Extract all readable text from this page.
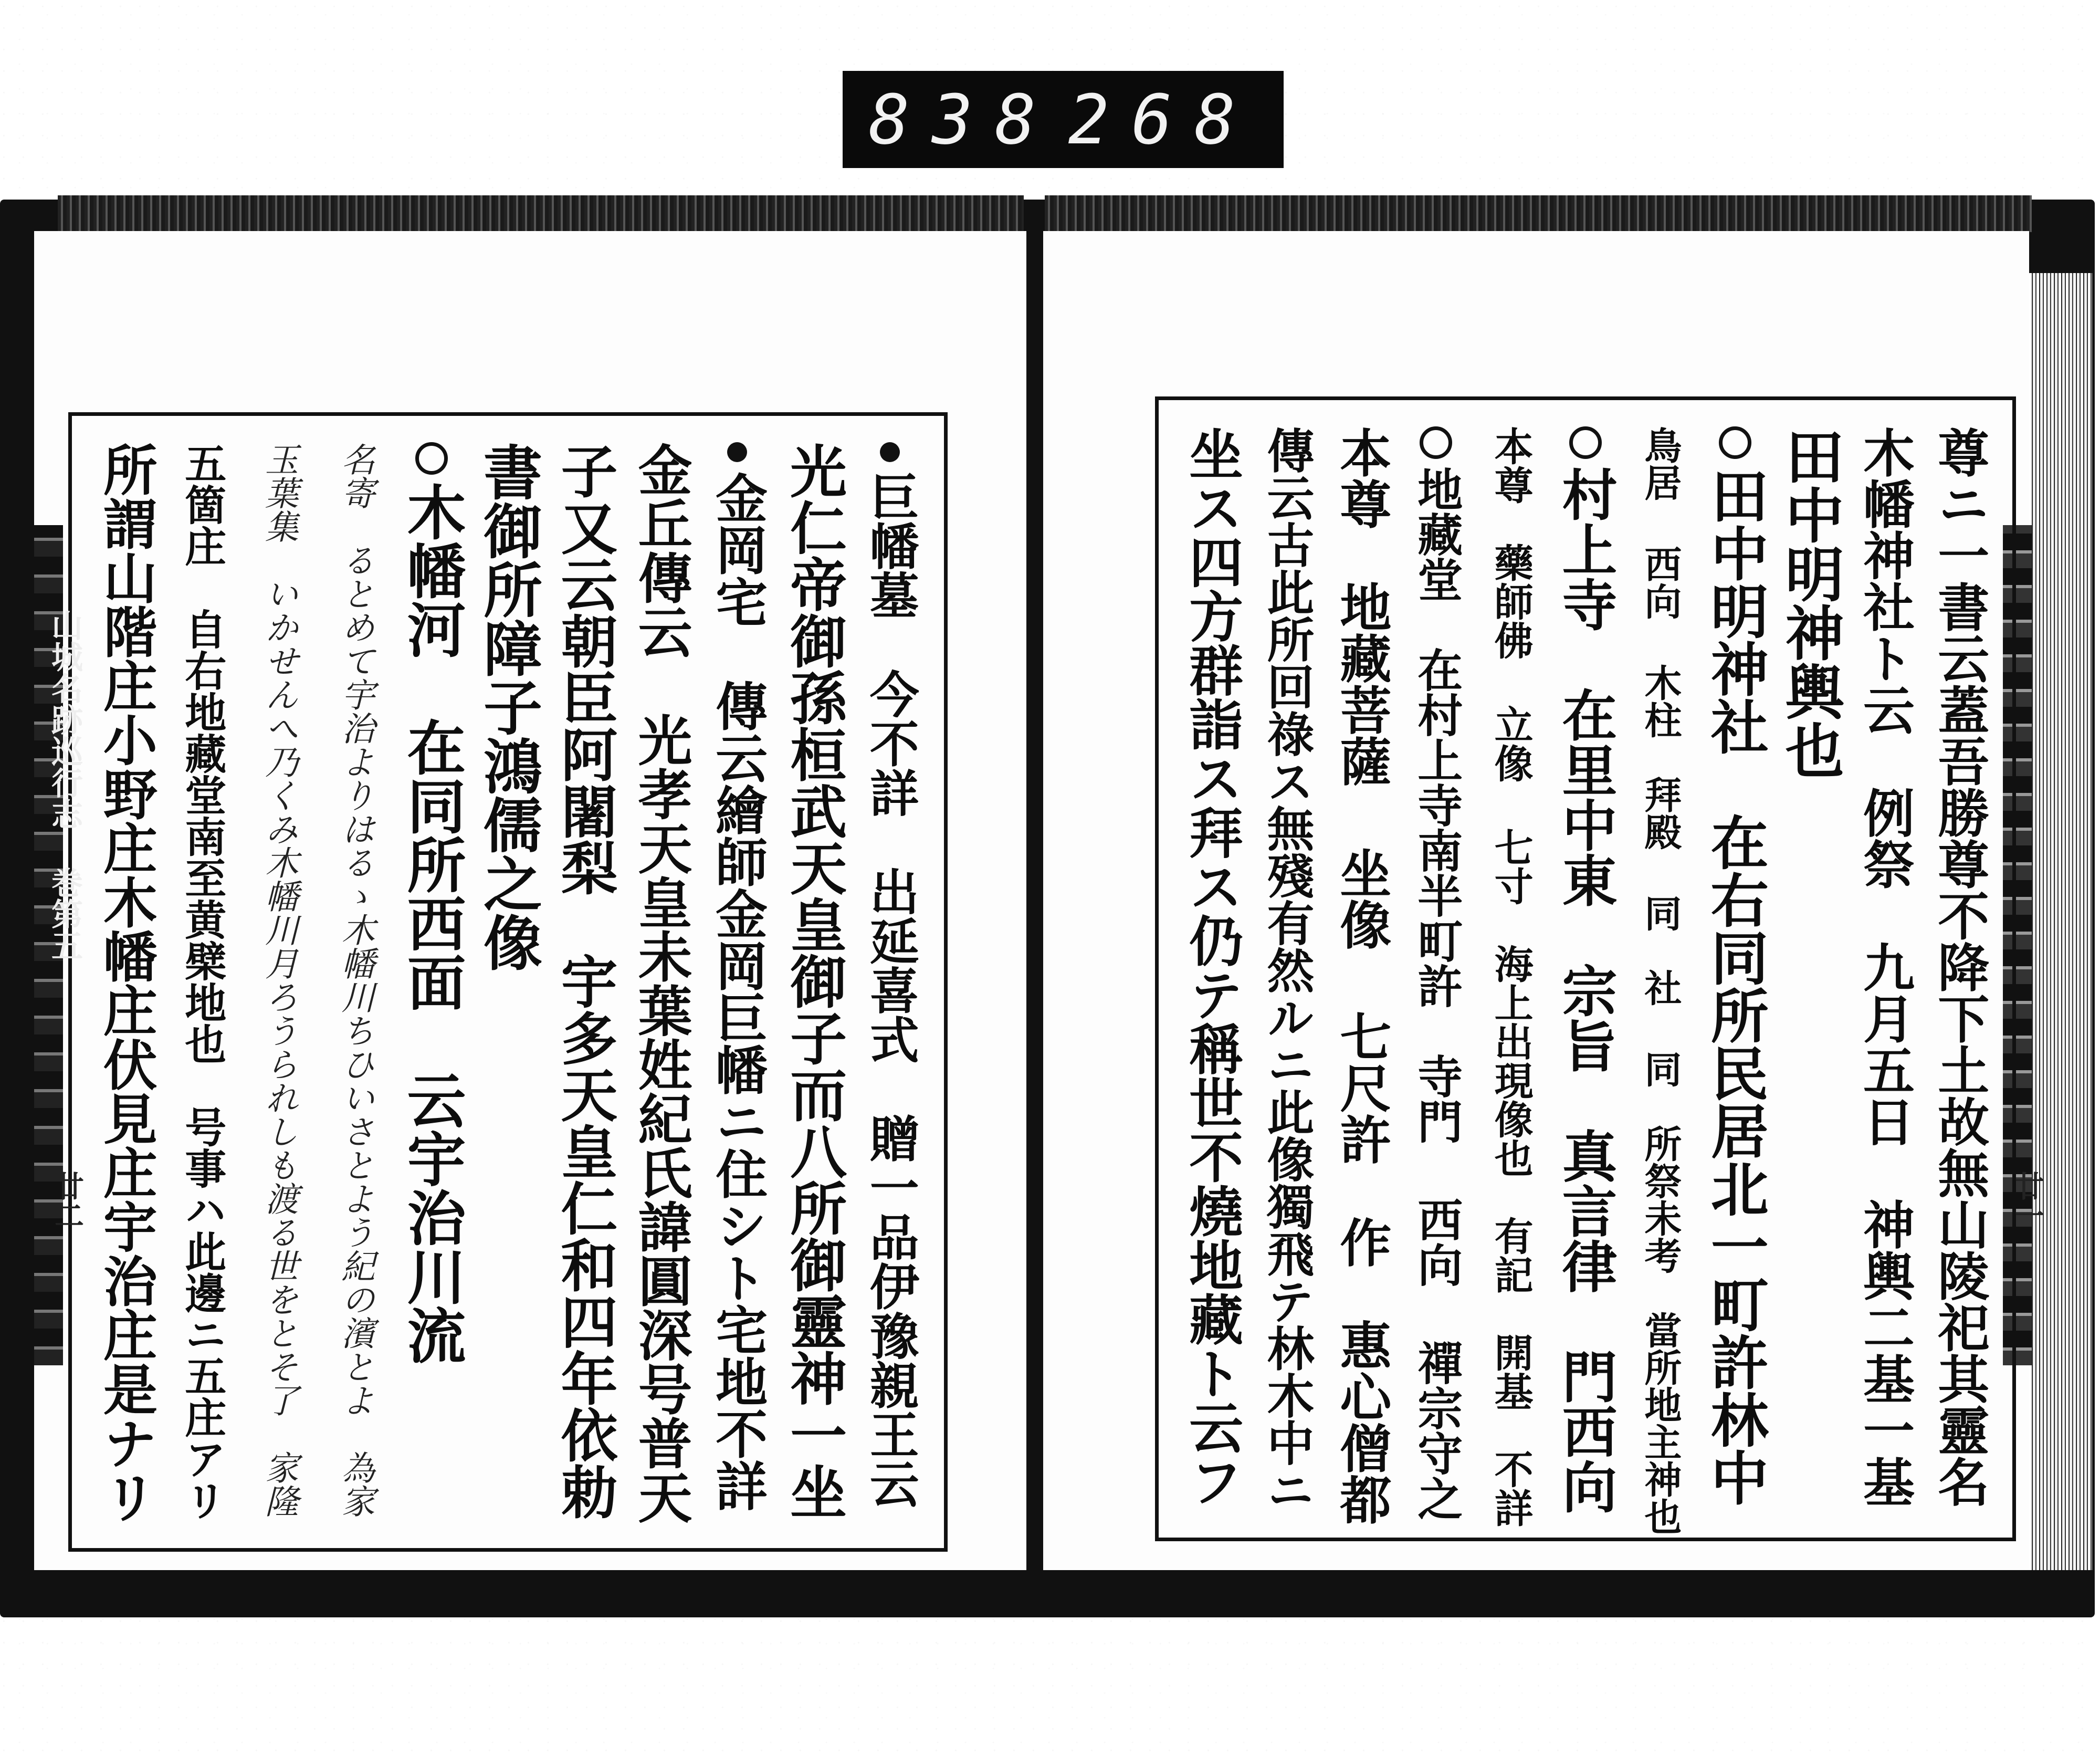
838 268
巨幡墓　今不詳　出延喜式　贈一品伊豫親王云
光仁帝御孫桓武天皇御子而八所御靈神一坐
金岡宅　傳云繪師金岡巨幡ニ住シト宅地不詳
金丘傳云　光孝天皇未葉姓紀氏諱圓深号普天
子又云朝臣阿闍梨　宇多天皇仁和四年依勅
書御所障子鴻儒之像
木幡河　在同所西面　云宇治川流
名寄　るとめて宇治よりはるゝ木幡川ちひいさとよう紀の濱とよ　為家
玉葉集　いかせんへ乃くみ木幡川月ろうられしも渡る世をとそ了　家隆
五箇庄　自右地藏堂南至黄檗地也　号事ハ此邊ニ五庄アリ
所謂山階庄小野庄木幡庄伏見庄宇治庄是ナリ
山城名跡巡行志 巻第五
廿二	尊ニ一書云蓋吾勝尊不降下土故無山陵祀其靈名
木幡神社ト云　例祭　九月五日　神輿二基一基
田中明神輿也
田中明神社　在右同所民居北一町許林中
鳥居 西向 木柱　拜殿 同　社 同　所祭未考　當所地主神也
村上寺　在里中東　宗旨　真言律　門西向
本尊　藥師佛 立像 七寸　海上出現像也　有記　開基　不詳
地藏堂　在村上寺南半町許　寺門 西向 禪宗守之
本尊　地藏菩薩 坐像 七尺許　作　惠心僧都
傳云古此所回祿ス無殘有然ルニ此像獨飛テ林木中ニ
坐ス四方群詣ス拜ス仍テ稱世不燒地藏ト云フ	廿一
